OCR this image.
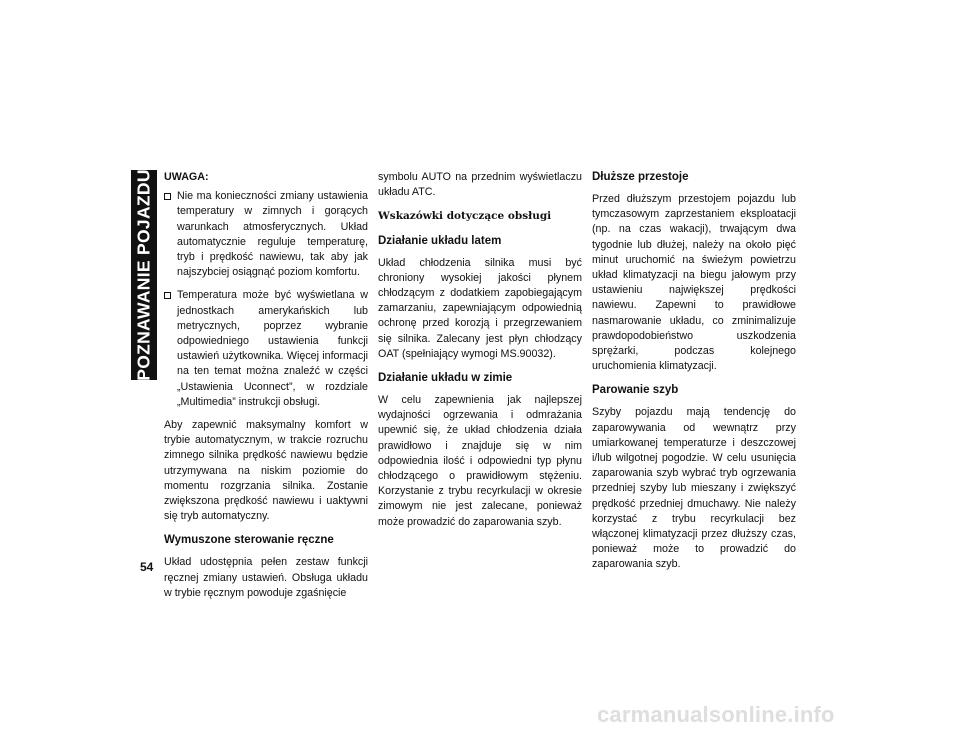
POZNAWANIE POJAZDU
54
UWAGA:
Nie ma konieczności zmiany ustawienia temperatury w zimnych i gorących warunkach atmosferycznych. Układ automatycznie reguluje temperaturę, tryb i prędkość nawiewu, tak aby jak najszybciej osiągnąć poziom komfortu.
Temperatura może być wyświetlana w jednostkach amerykańskich lub metrycznych, poprzez wybranie odpowiedniego ustawienia funkcji ustawień użytkownika. Więcej informacji na ten temat można znaleźć w części „Ustawienia Uconnect”, w rozdziale „Multimedia” instrukcji obsługi.

Aby zapewnić maksymalny komfort w trybie automatycznym, w trakcie rozruchu zimnego silnika prędkość nawiewu będzie utrzymywana na niskim poziomie do momentu rozgrzania silnika. Zostanie zwiększona prędkość nawiewu i uaktywni się tryb automatyczny.

Wymuszone sterowanie ręczne

Układ udostępnia pełen zestaw funkcji ręcznej zmiany ustawień. Obsługa układu w trybie ręcznym powoduje zgaśnięcie

symbolu AUTO na przednim wyświetlaczu układu ATC.

Wskazówki dotyczące obsługi
Działanie układu latem

Układ chłodzenia silnika musi być chroniony wysokiej jakości płynem chłodzącym z dodatkiem zapobiegającym zamarzaniu, zapewniającym odpowiednią ochronę przed korozją i przegrzewaniem się silnika. Zalecany jest płyn chłodzący OAT (spełniający wymogi MS.90032).

Działanie układu w zimie

W celu zapewnienia jak najlepszej wydajności ogrzewania i odmrażania upewnić się, że układ chłodzenia działa prawidłowo i znajduje się w nim odpowiednia ilość i odpowiedni typ płynu chłodzącego o prawidłowym stężeniu. Korzystanie z trybu recyrkulacji w okresie zimowym nie jest zalecane, ponieważ może prowadzić do zaparowania szyb.

Dłuższe przestoje

Przed dłuższym przestojem pojazdu lub tymczasowym zaprzestaniem eksploatacji (np. na czas wakacji), trwającym dwa tygodnie lub dłużej, należy na około pięć minut uruchomić na świeżym powietrzu układ klimatyzacji na biegu jałowym przy ustawieniu największej prędkości nawiewu. Zapewni to prawidłowe nasmarowanie układu, co zminimalizuje prawdopodobieństwo uszkodzenia sprężarki, podczas kolejnego uruchomienia klimatyzacji.

Parowanie szyb

Szyby pojazdu mają tendencję do zaparowywania od wewnątrz przy umiarkowanej temperaturze i deszczowej i/lub wilgotnej pogodzie. W celu usunięcia zaparowania szyb wybrać tryb ogrzewania przedniej szyby lub mieszany i zwiększyć prędkość przedniej dmuchawy. Nie należy korzystać z trybu recyrkulacji bez włączonej klimatyzacji przez dłuższy czas, ponieważ może to prowadzić do zaparowania szyb.

carmanualsonline.info
